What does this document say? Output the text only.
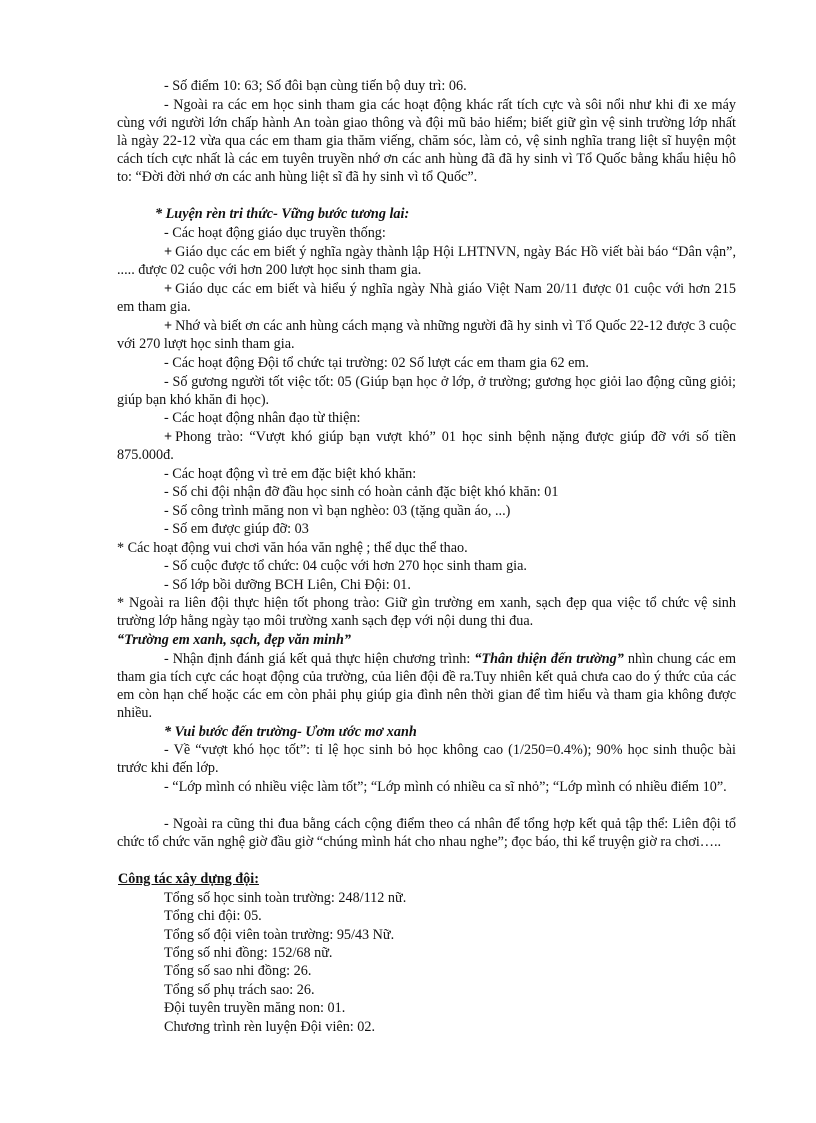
- Số điểm 10: 63; Số đôi bạn cùng tiến bộ duy trì: 06.

- Ngoài ra các em học sinh tham gia các hoạt động khác rất tích cực và sôi nổi như khi đi xe máy cùng với người lớn chấp hành An toàn giao thông và đội mũ bảo hiểm; biết giữ gìn vệ sinh trường lớp nhất là ngày 22-12 vừa qua các em tham gia thăm viếng, chăm sóc, làm cỏ, vệ sinh nghĩa trang liệt sĩ huyện một cách tích cực nhất là các em tuyên truyền nhớ ơn các anh hùng đã đã hy sinh vì Tổ Quốc bằng khẩu hiệu hô to: “Đời đời nhớ ơn các anh hùng liệt sĩ đã hy sinh vì tổ Quốc”.

* Luyện rèn tri thức- Vững bước tương lai:

- Các hoạt động giáo dục truyền thống:

+ Giáo dục các em biết ý nghĩa ngày thành lập Hội LHTNVN, ngày Bác Hồ viết bài báo “Dân vận”, ..... được 02 cuộc với hơn 200 lượt học sinh tham gia.

+ Giáo dục các em biết và hiểu ý nghĩa ngày Nhà giáo Việt Nam 20/11 được 01 cuộc với hơn 215 em tham gia.

+ Nhớ và biết ơn các anh hùng cách mạng và những người đã hy sinh vì Tổ Quốc 22-12 được 3 cuộc với 270 lượt học sinh tham gia.

- Các hoạt động Đội tổ chức tại trường: 02 Số lượt các em tham gia 62 em.

- Số gương người tốt việc tốt: 05 (Giúp bạn học ở lớp, ở trường; gương học giỏi lao động cũng giỏi; giúp bạn khó khăn đi học).

- Các hoạt động nhân đạo từ thiện:

+ Phong trào: “Vượt khó giúp bạn vượt khó” 01 học sinh bệnh nặng được giúp đỡ với số tiền 875.000đ.

- Các hoạt động vì trẻ em đặc biệt khó khăn:

- Số chi đội nhận đỡ đầu học sinh có hoàn cảnh đặc biệt khó khăn: 01

- Số công trình măng non vì bạn nghèo: 03 (tặng quần áo, ...)

- Số em được giúp đỡ: 03

* Các hoạt động vui chơi văn hóa văn nghệ ; thể dục thể thao.

- Số cuộc được tổ chức: 04 cuộc với hơn 270 học sinh tham gia.

- Số lớp bồi dưỡng BCH Liên, Chi Đội: 01.

* Ngoài ra liên đội thực hiện tốt phong trào: Giữ gìn trường em xanh, sạch đẹp qua việc tổ chức vệ sinh trường lớp hằng ngày tạo môi trường xanh sạch đẹp với nội dung thi đua.

“Trường em xanh, sạch, đẹp văn minh”

- Nhận định đánh giá kết quả thực hiện chương trình: “Thân thiện đến trường” nhìn chung các em tham gia tích cực các hoạt động của trường, của liên đội đề ra.Tuy nhiên kết quả chưa cao do ý thức của các em còn hạn chế hoặc các em còn phải phụ giúp gia đình nên thời gian để tìm hiểu và tham gia không được nhiều.

* Vui bước đến trường- Ươm ước mơ xanh

- Về “vượt khó học tốt”: tỉ lệ học sinh bỏ học không cao (1/250=0.4%); 90% học sinh thuộc bài trước khi đến lớp.

- “Lớp mình có nhiều việc làm tốt”; “Lớp mình có nhiều ca sĩ nhỏ”; “Lớp mình có nhiều điểm 10”.

- Ngoài ra cũng thi đua bằng cách cộng điểm theo cá nhân để tổng hợp kết quả tập thể: Liên đội tổ chức tổ chức văn nghệ giờ đầu giờ “chúng mình hát cho nhau nghe”; đọc báo, thi kể truyện giờ ra chơi…..

Công tác xây dựng đội:

Tổng số học sinh toàn trường: 248/112 nữ.

Tổng chi đội: 05.

Tổng số đội viên toàn trường: 95/43 Nữ.

Tổng số nhi đồng: 152/68 nữ.

Tổng số sao nhi đồng: 26.

Tổng số phụ trách sao: 26.

Đội tuyên truyền măng non: 01.

Chương trình rèn luyện Đội viên: 02.
